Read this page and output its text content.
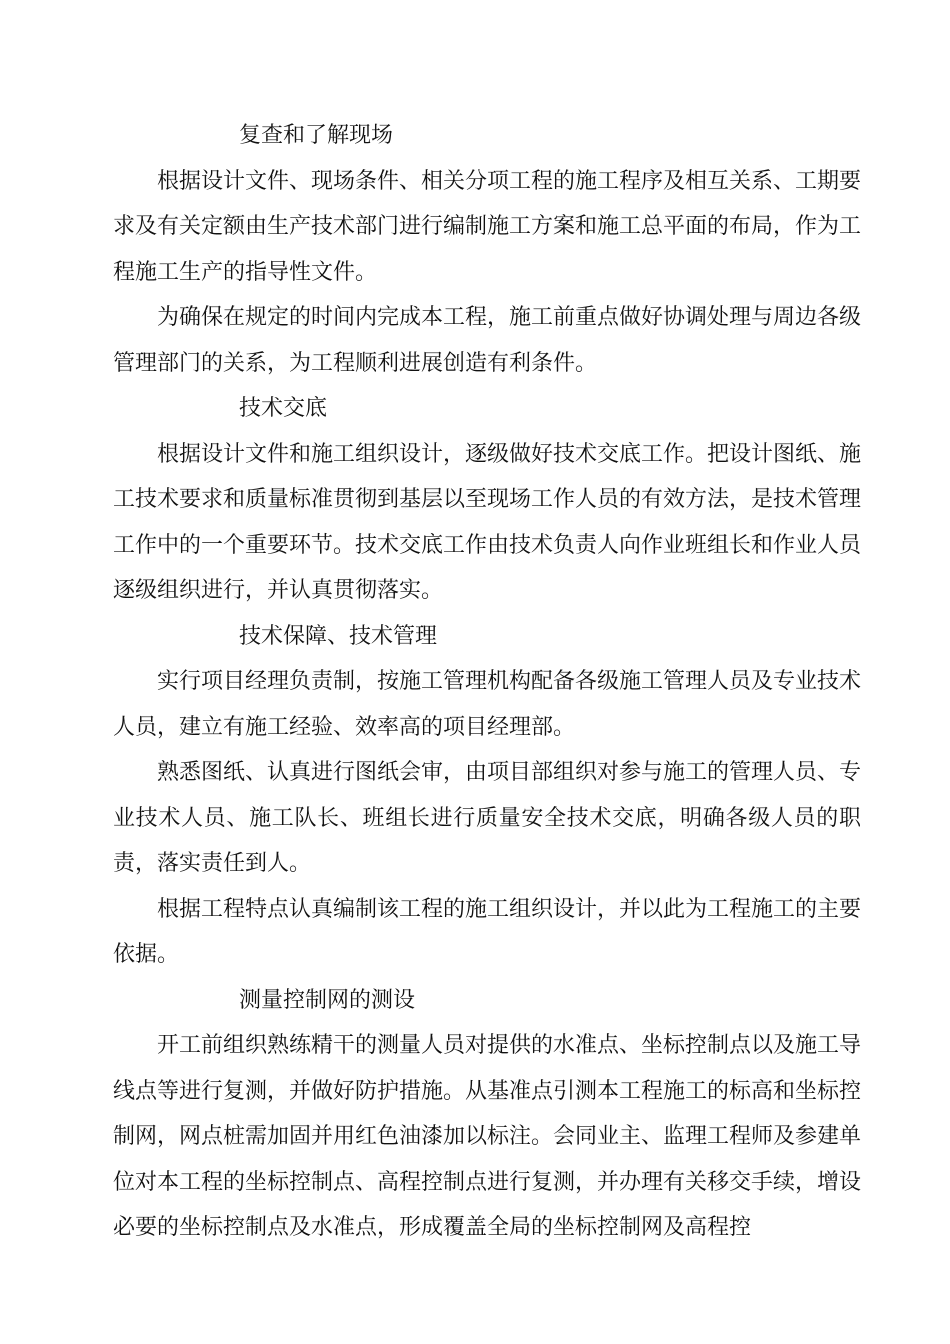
复查和了解现场

根据设计文件、现场条件、相关分项工程的施工程序及相互关系、工期要求及有关定额由生产技术部门进行编制施工方案和施工总平面的布局，作为工程施工生产的指导性文件。

为确保在规定的时间内完成本工程，施工前重点做好协调处理与周边各级管理部门的关系，为工程顺利进展创造有利条件。

技术交底

根据设计文件和施工组织设计，逐级做好技术交底工作。把设计图纸、施工技术要求和质量标准贯彻到基层以至现场工作人员的有效方法，是技术管理工作中的一个重要环节。技术交底工作由技术负责人向作业班组长和作业人员逐级组织进行，并认真贯彻落实。

技术保障、技术管理

实行项目经理负责制，按施工管理机构配备各级施工管理人员及专业技术人员，建立有施工经验、效率高的项目经理部。

熟悉图纸、认真进行图纸会审，由项目部组织对参与施工的管理人员、专业技术人员、施工队长、班组长进行质量安全技术交底，明确各级人员的职责，落实责任到人。

根据工程特点认真编制该工程的施工组织设计，并以此为工程施工的主要依据。

测量控制网的测设

开工前组织熟练精干的测量人员对提供的水准点、坐标控制点以及施工导线点等进行复测，并做好防护措施。从基准点引测本工程施工的标高和坐标控制网，网点桩需加固并用红色油漆加以标注。会同业主、监理工程师及参建单位对本工程的坐标控制点、高程控制点进行复测，并办理有关移交手续，增设必要的坐标控制点及水准点，形成覆盖全局的坐标控制网及高程控
